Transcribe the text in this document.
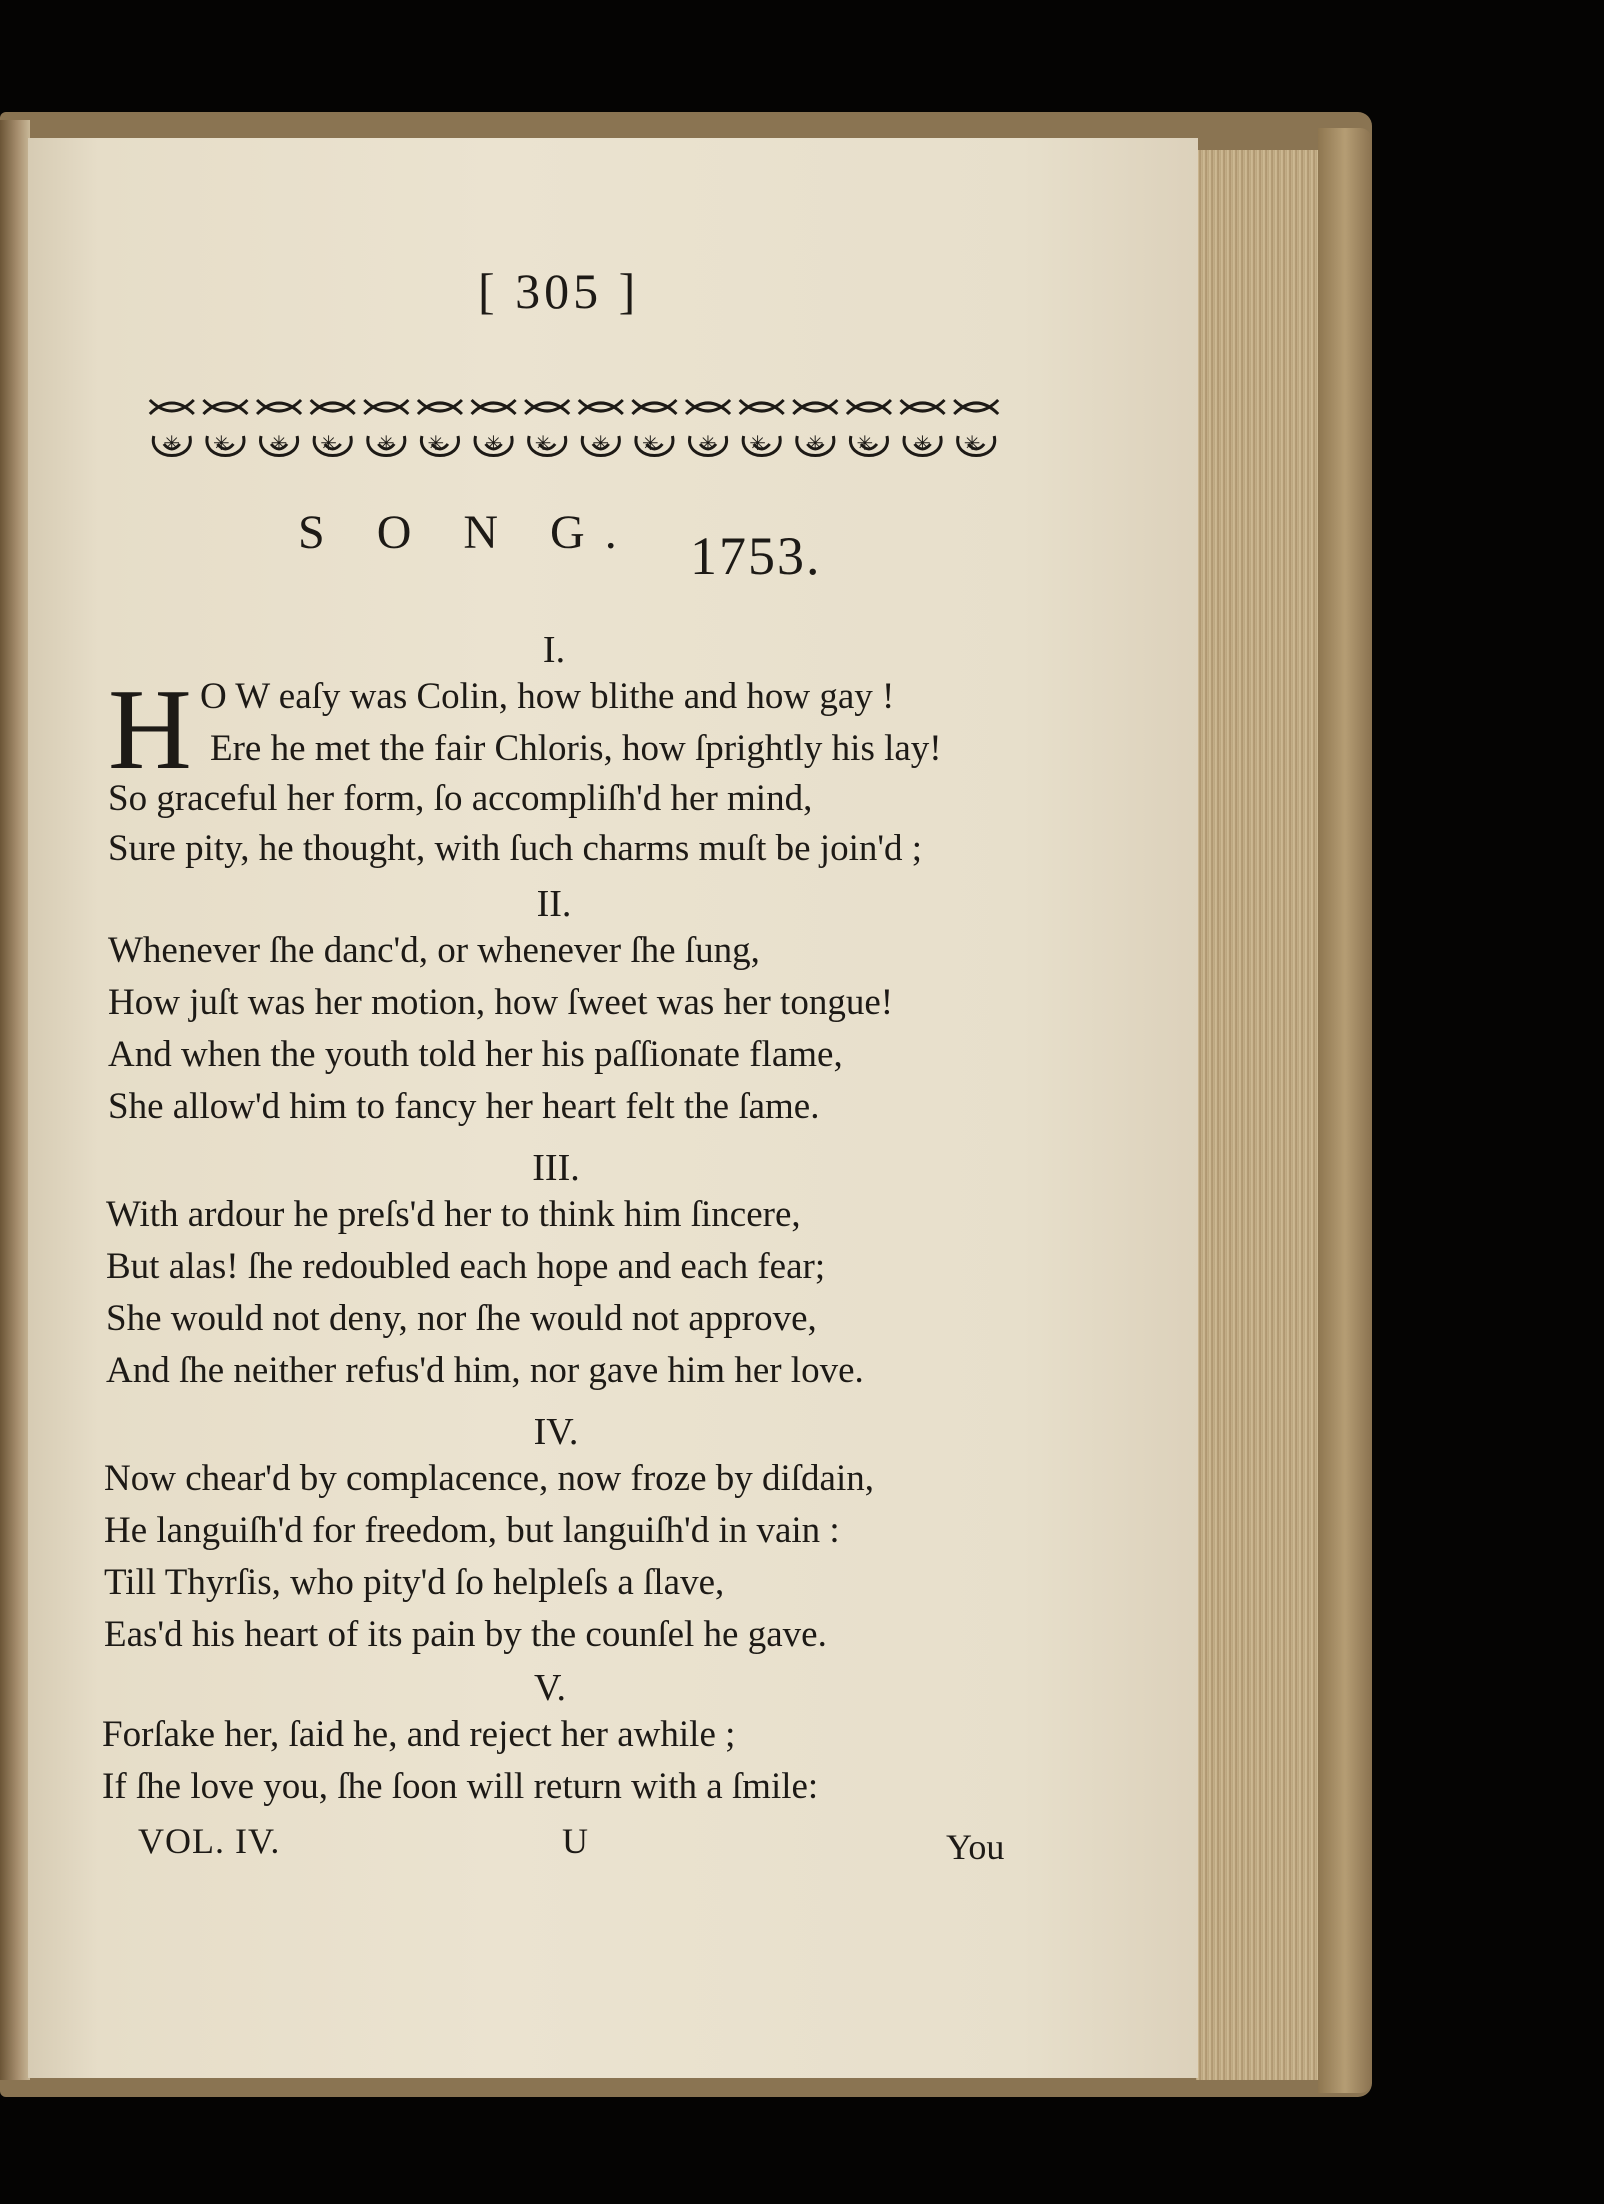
[ 305 ]
✳ ✳ ✳ ✳ ✳ ✳ ✳ ✳ ✳ ✳ ✳ ✳ ✳ ✳ ✳ ✳
S O N G. 1753.
I.
H O W eaſy was Colin, how blithe and how gay !
Ere he met the fair Chloris, how ſprightly his lay!
So graceful her form, ſo accompliſh'd her mind,
Sure pity, he thought, with ſuch charms muſt be join'd ;
II.
Whenever ſhe danc'd, or whenever ſhe ſung,
How juſt was her motion, how ſweet was her tongue!
And when the youth told her his paſſionate flame,
She allow'd him to fancy her heart felt the ſame.
III.
With ardour he preſs'd her to think him ſincere,
But alas! ſhe redoubled each hope and each fear;
She would not deny, nor ſhe would not approve,
And ſhe neither refus'd him, nor gave him her love.
IV.
Now chear'd by complacence, now froze by diſdain,
He languiſh'd for freedom, but languiſh'd in vain :
Till Thyrſis, who pity'd ſo helpleſs a ſlave,
Eas'd his heart of its pain by the counſel he gave.
V.
Forſake her, ſaid he, and reject her awhile ;
If ſhe love you, ſhe ſoon will return with a ſmile:
VOL. IV.	U	You
